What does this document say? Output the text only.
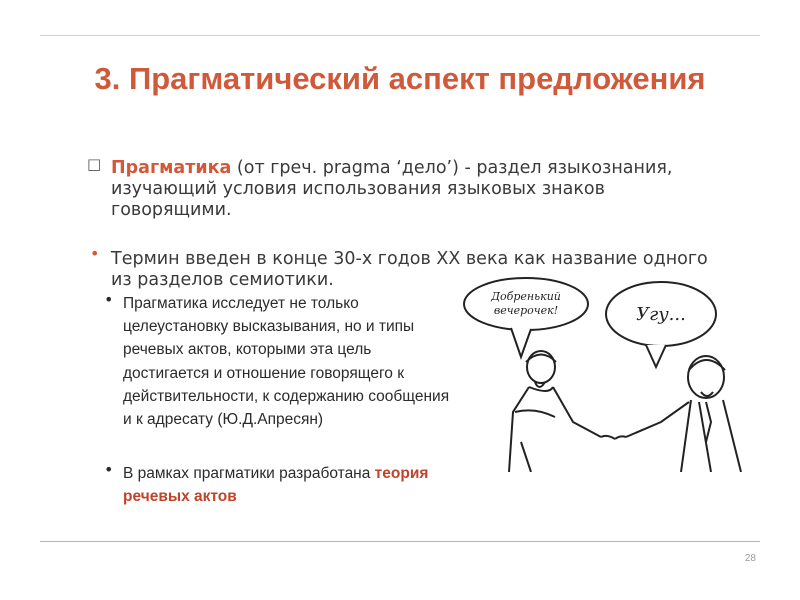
3. Прагматический аспект предложения
□ Прагматика (от греч. pragma ‘дело’) - раздел языкознания, изучающий условия использования языковых знаков говорящими.
• Термин введен в конце 30-х годов XX века как название одного из разделов семиотики.
• Прагматика исследует не только целеустановку высказывания, но и типы речевых актов, которыми эта цель достигается и отношение говорящего к действительности, к содержанию сообщения и к адресату (Ю.Д.Апресян)
• В рамках прагматики разработана теория речевых актов
Добренький
вечерочек!	Угу...
28
